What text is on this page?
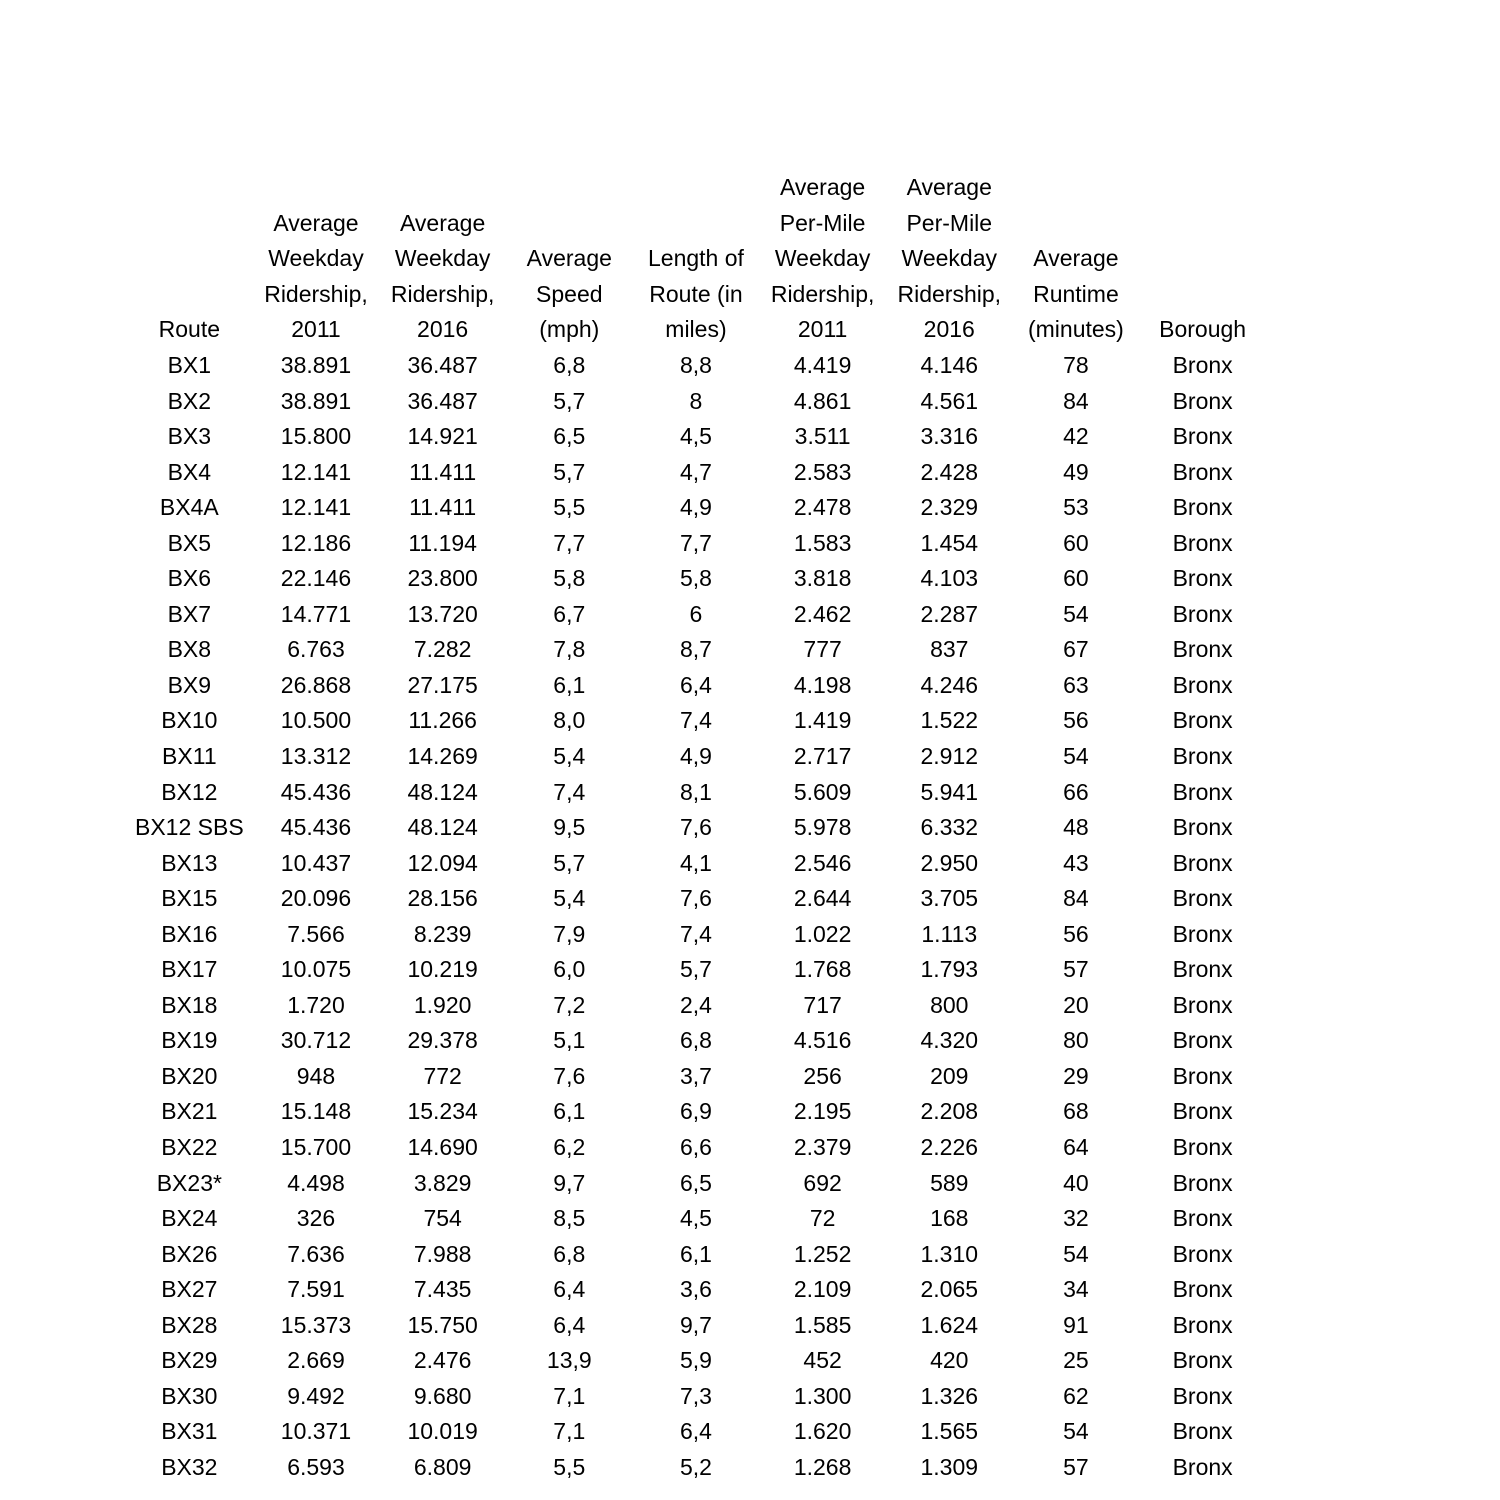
Route	Average
Weekday
Ridership,
2011	Average
Weekday
Ridership,
2016	Average
Speed
(mph)	Length of
Route (in
miles)	Average
Per-Mile
Weekday
Ridership,
2011	Average
Per-Mile
Weekday
Ridership,
2016	Average
Runtime
(minutes)	Borough
BX1	38.891	36.487	6,8	8,8	4.419	4.146	78	Bronx
BX2	38.891	36.487	5,7	8	4.861	4.561	84	Bronx
BX3	15.800	14.921	6,5	4,5	3.511	3.316	42	Bronx
BX4	12.141	11.411	5,7	4,7	2.583	2.428	49	Bronx
BX4A	12.141	11.411	5,5	4,9	2.478	2.329	53	Bronx
BX5	12.186	11.194	7,7	7,7	1.583	1.454	60	Bronx
BX6	22.146	23.800	5,8	5,8	3.818	4.103	60	Bronx
BX7	14.771	13.720	6,7	6	2.462	2.287	54	Bronx
BX8	6.763	7.282	7,8	8,7	777	837	67	Bronx
BX9	26.868	27.175	6,1	6,4	4.198	4.246	63	Bronx
BX10	10.500	11.266	8,0	7,4	1.419	1.522	56	Bronx
BX11	13.312	14.269	5,4	4,9	2.717	2.912	54	Bronx
BX12	45.436	48.124	7,4	8,1	5.609	5.941	66	Bronx
BX12 SBS	45.436	48.124	9,5	7,6	5.978	6.332	48	Bronx
BX13	10.437	12.094	5,7	4,1	2.546	2.950	43	Bronx
BX15	20.096	28.156	5,4	7,6	2.644	3.705	84	Bronx
BX16	7.566	8.239	7,9	7,4	1.022	1.113	56	Bronx
BX17	10.075	10.219	6,0	5,7	1.768	1.793	57	Bronx
BX18	1.720	1.920	7,2	2,4	717	800	20	Bronx
BX19	30.712	29.378	5,1	6,8	4.516	4.320	80	Bronx
BX20	948	772	7,6	3,7	256	209	29	Bronx
BX21	15.148	15.234	6,1	6,9	2.195	2.208	68	Bronx
BX22	15.700	14.690	6,2	6,6	2.379	2.226	64	Bronx
BX23*	4.498	3.829	9,7	6,5	692	589	40	Bronx
BX24	326	754	8,5	4,5	72	168	32	Bronx
BX26	7.636	7.988	6,8	6,1	1.252	1.310	54	Bronx
BX27	7.591	7.435	6,4	3,6	2.109	2.065	34	Bronx
BX28	15.373	15.750	6,4	9,7	1.585	1.624	91	Bronx
BX29	2.669	2.476	13,9	5,9	452	420	25	Bronx
BX30	9.492	9.680	7,1	7,3	1.300	1.326	62	Bronx
BX31	10.371	10.019	7,1	6,4	1.620	1.565	54	Bronx
BX32	6.593	6.809	5,5	5,2	1.268	1.309	57	Bronx
